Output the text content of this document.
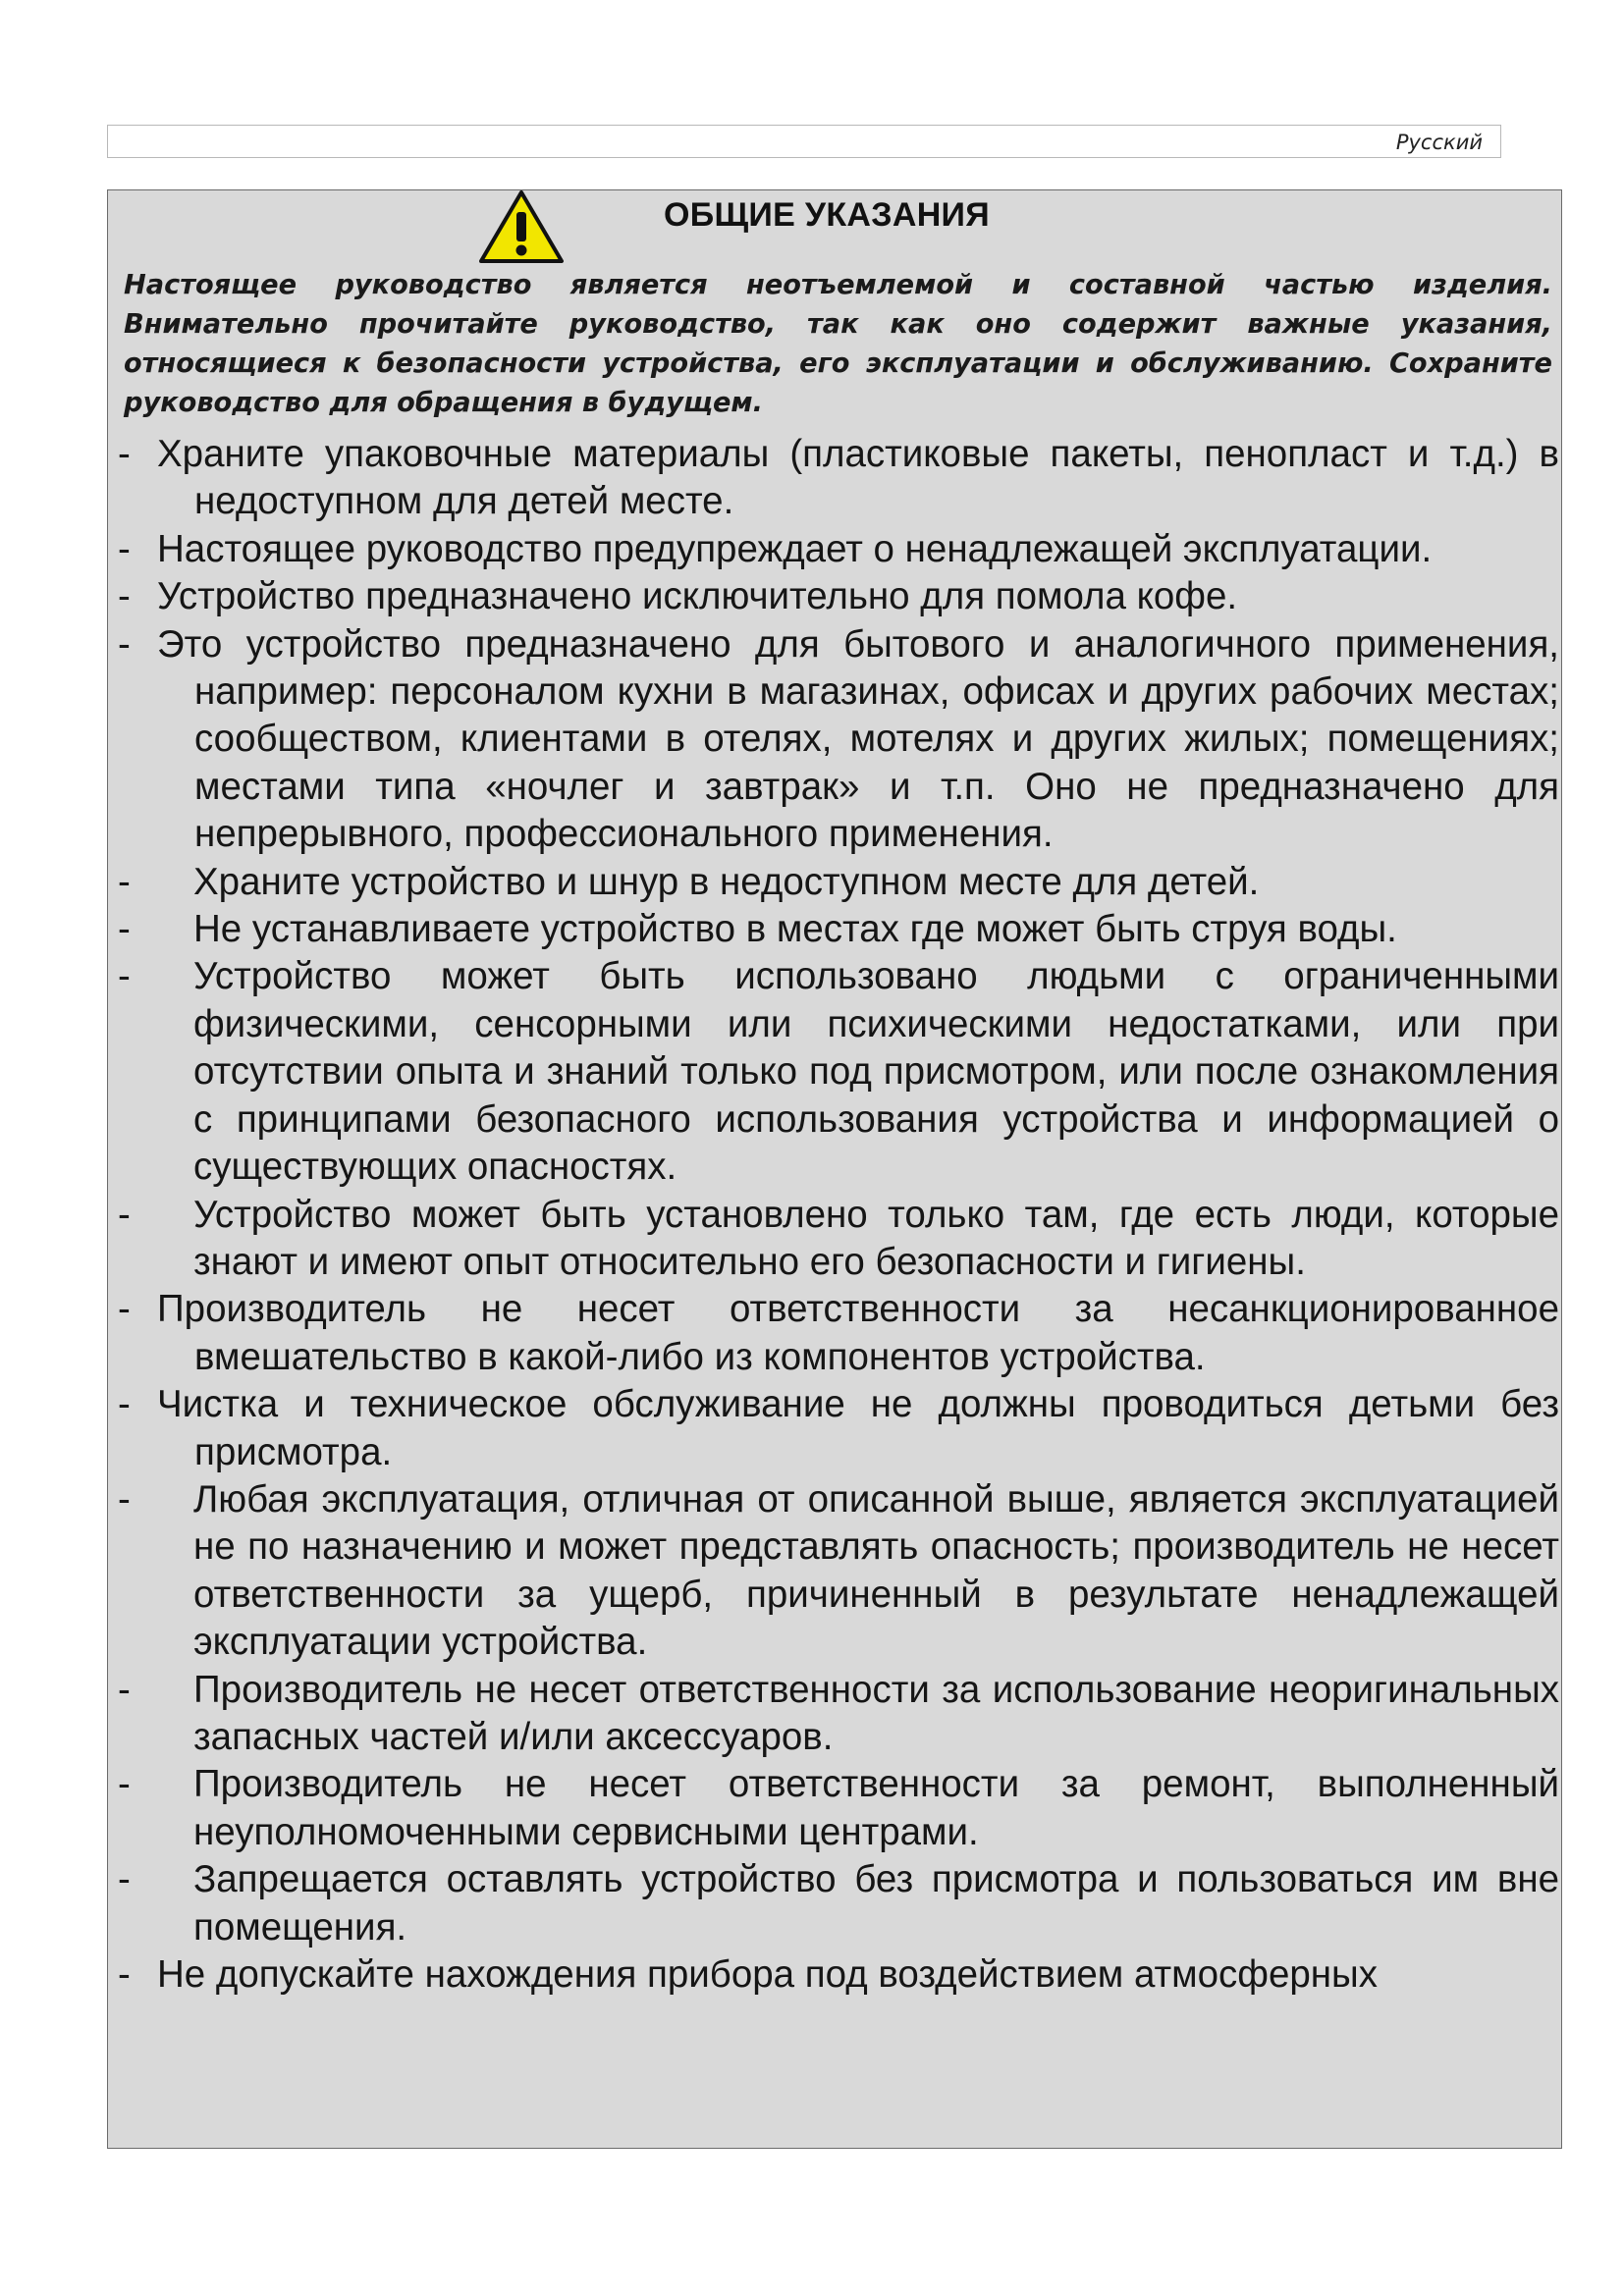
Русский
ОБЩИЕ УКАЗАНИЯ
Настоящее руководство является неотъемлемой и составной частью изделия. Внимательно прочитайте руководство, так как оно содержит важные указания, относящиеся к безопасности устройства, его эксплуатации и обслуживанию. Сохраните руководство для обращения в будущем.
- Храните упаковочные материалы (пластиковые пакеты, пенопласт и т.д.) в недоступном для детей месте.
- Настоящее руководство предупреждает о ненадлежащей эксплуатации.
- Устройство предназначено исключительно для помола кофе.
- Это устройство предназначено для бытового и аналогичного применения, например: персоналом кухни в магазинах, офисах и других рабочих местах; сообществом, клиентами в отелях, мотелях и других жилых; помещениях; местами типа «ночлег и завтрак» и т.п. Оно не предназначено для непрерывного, профессионального применения.
-	Храните устройство и шнур в недоступном месте для детей.
-	Не устанавливаете устройство в местах где может быть струя воды.
-	Устройство может быть использовано людьми с ограниченными физическими, сенсорными или психическими недостатками, или при отсутствии опыта и знаний только под присмотром, или после ознакомления с принципами безопасного использования устройства и информацией о существующих опасностях.
-	Устройство может быть установлено только там, где есть люди, которые знают и имеют опыт относительно его безопасности и гигиены.
- Производитель не несет ответственности за несанкционированное вмешательство в какой-либо из компонентов устройства.
- Чистка и техническое обслуживание не должны проводиться детьми без присмотра.
-	Любая эксплуатация, отличная от описанной выше, является эксплуатацией не по назначению и может представлять опасность; производитель не несет ответственности за ущерб, причиненный в результате ненадлежащей эксплуатации устройства.
-	Производитель не несет ответственности за использование неоригинальных запасных частей и/или аксессуаров.
-	Производитель не несет ответственности за ремонт, выполненный неуполномоченными сервисными центрами.
-	Запрещается оставлять устройство без присмотра и пользоваться им вне помещения.
- Не допускайте нахождения прибора под воздействием атмосферных
